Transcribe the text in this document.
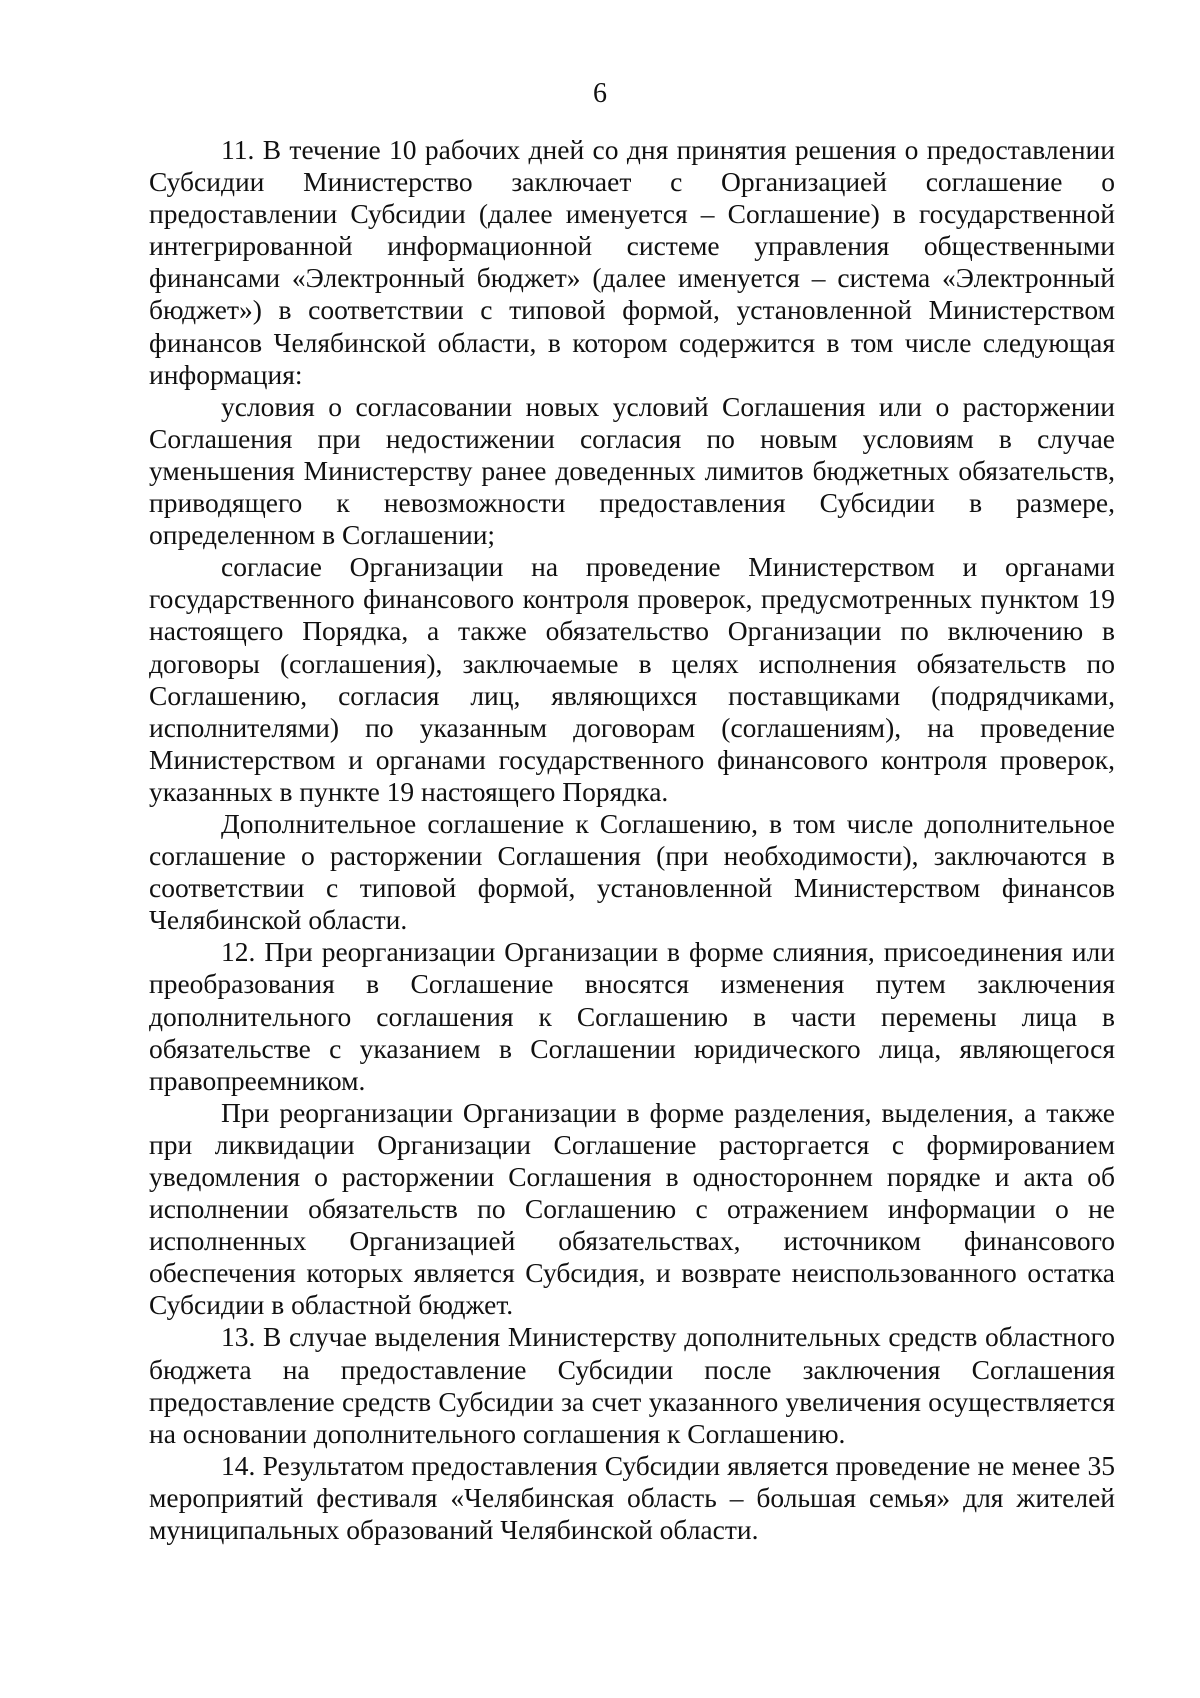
6

11. В течение 10 рабочих дней со дня принятия решения о предоставлении Субсидии Министерство заключает с Организацией соглашение о предоставлении Субсидии (далее именуется – Соглашение) в государственной интегрированной информационной системе управления общественными финансами «Электронный бюджет» (далее именуется – система «Электронный бюджет») в соответствии с типовой формой, установленной Министерством финансов Челябинской области, в котором содержится в том числе следующая информация:

условия о согласовании новых условий Соглашения или о расторжении Соглашения при недостижении согласия по новым условиям в случае уменьшения Министерству ранее доведенных лимитов бюджетных обязательств, приводящего к невозможности предоставления Субсидии в размере, определенном в Соглашении;

согласие Организации на проведение Министерством и органами государственного финансового контроля проверок, предусмотренных пунктом 19 настоящего Порядка, а также обязательство Организации по включению в договоры (соглашения), заключаемые в целях исполнения обязательств по Соглашению, согласия лиц, являющихся поставщиками (подрядчиками, исполнителями) по указанным договорам (соглашениям), на проведение Министерством и органами государственного финансового контроля проверок, указанных в пункте 19 настоящего Порядка.

Дополнительное соглашение к Соглашению, в том числе дополнительное соглашение о расторжении Соглашения (при необходимости), заключаются в соответствии с типовой формой, установленной Министерством финансов Челябинской области.

12. При реорганизации Организации в форме слияния, присоединения или преобразования в Соглашение вносятся изменения путем заключения дополнительного соглашения к Соглашению в части перемены лица в обязательстве с указанием в Соглашении юридического лица, являющегося правопреемником.

При реорганизации Организации в форме разделения, выделения, а также при ликвидации Организации Соглашение расторгается с формированием уведомления о расторжении Соглашения в одностороннем порядке и акта об исполнении обязательств по Соглашению с отражением информации о не исполненных Организацией обязательствах, источником финансового обеспечения которых является Субсидия, и возврате неиспользованного остатка Субсидии в областной бюджет.

13. В случае выделения Министерству дополнительных средств областного бюджета на предоставление Субсидии после заключения Соглашения предоставление средств Субсидии за счет указанного увеличения осуществляется на основании дополнительного соглашения к Соглашению.

14. Результатом предоставления Субсидии является проведение не менее 35 мероприятий фестиваля «Челябинская область – большая семья» для жителей муниципальных образований Челябинской области.
